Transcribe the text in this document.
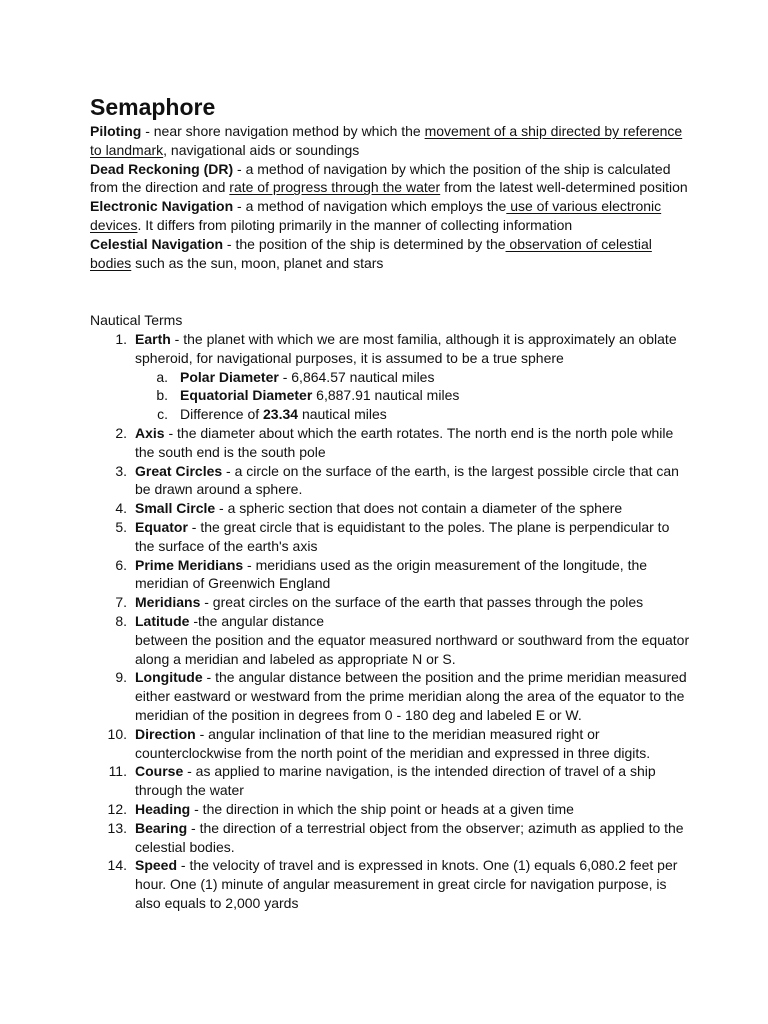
Semaphore

Piloting - near shore navigation method by which the movement of a ship directed by reference to landmark, navigational aids or soundings

Dead Reckoning (DR) - a method of navigation by which the position of the ship is calculated from the direction and rate of progress through the water from the latest well-determined position

Electronic Navigation - a method of navigation which employs the use of various electronic devices. It differs from piloting primarily in the manner of collecting information

Celestial Navigation - the position of the ship is determined by the observation of celestial bodies such as the sun, moon, planet and stars

Nautical Terms

1. Earth - the planet with which we are most familia, although it is approximately an oblate spheroid, for navigational purposes, it is assumed to be a true sphere
a. Polar Diameter - 6,864.57 nautical miles
b. Equatorial Diameter 6,887.91 nautical miles
c. Difference of 23.34 nautical miles
2. Axis - the diameter about which the earth rotates. The north end is the north pole while the south end is the south pole
3. Great Circles - a circle on the surface of the earth, is the largest possible circle that can be drawn around a sphere.
4. Small Circle - a spheric section that does not contain a diameter of the sphere
5. Equator - the great circle that is equidistant to the poles. The plane is perpendicular to the surface of the earth's axis
6. Prime Meridians - meridians used as the origin measurement of the longitude, the meridian of Greenwich England
7. Meridians - great circles on the surface of the earth that passes through the poles
8. Latitude -the angular distance
between the position and the equator measured northward or southward from the equator along a meridian and labeled as appropriate N or S.
9. Longitude - the angular distance between the position and the prime meridian measured either eastward or westward from the prime meridian along the area of the equator to the meridian of the position in degrees from 0 - 180 deg and labeled E or W.
10. Direction - angular inclination of that line to the meridian measured right or counterclockwise from the north point of the meridian and expressed in three digits.
11. Course - as applied to marine navigation, is the intended direction of travel of a ship through the water
12. Heading - the direction in which the ship point or heads at a given time
13. Bearing - the direction of a terrestrial object from the observer; azimuth as applied to the celestial bodies.
14. Speed - the velocity of travel and is expressed in knots. One (1) equals 6,080.2 feet per hour. One (1) minute of angular measurement in great circle for navigation purpose, is also equals to 2,000 yards
